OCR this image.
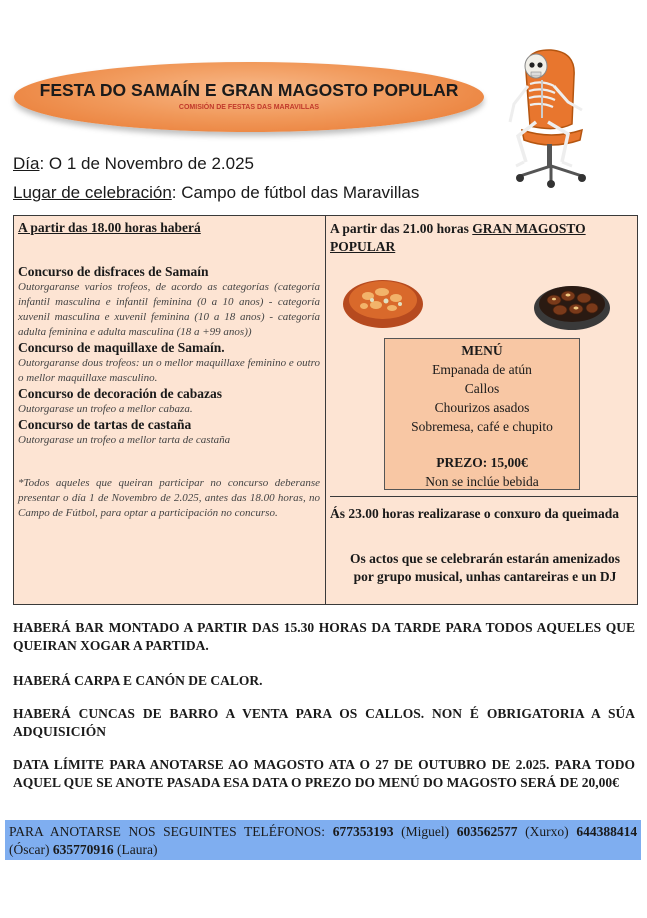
FESTA DO SAMAÍN E GRAN MAGOSTO POPULAR
COMISIÓN DE FESTAS DAS MARAVILLAS
Día: O 1 de Novembro de 2.025
Lugar de celebración: Campo de fútbol das Maravillas
A partir das 18.00 horas haberá
Concurso de disfraces de Samaín
Outorgaranse varios trofeos, de acordo as categorías (categoría infantil masculina e infantil feminina (0 a 10 anos) - categoría xuvenil masculina e xuvenil feminina (10 a 18 anos) - categoría adulta feminina e adulta masculina (18 a +99 anos))
Concurso de maquillaxe de Samaín.
Outorgaranse dous trofeos: un o mellor maquillaxe feminino e outro o mellor maquillaxe masculino.
Concurso de decoración de cabazas
Outorgarase un trofeo a mellor cabaza.
Concurso de tartas de castaña
Outorgarase un trofeo a mellor tarta de castaña
*Todos aqueles que queiran participar no concurso deberanse presentar o día 1 de Novembro de 2.025, antes das 18.00 horas, no Campo de Fútbol, para optar a participación no concurso.
A partir das 21.00 horas GRAN MAGOSTO POPULAR
MENÚ
Empanada de atún
Callos
Chourizos asados
Sobremesa, café e chupito
PREZO: 15,00€
Non se inclúe bebida
Ás 23.00 horas realizarase o conxuro da queimada
Os actos que se celebrarán estarán amenizados por grupo musical, unhas cantareiras e un DJ
HABERÁ BAR MONTADO A PARTIR DAS 15.30 HORAS DA TARDE PARA TODOS AQUELES QUE QUEIRAN XOGAR A PARTIDA.
HABERÁ CARPA E CANÓN DE CALOR.
HABERÁ CUNCAS DE BARRO A VENTA PARA OS CALLOS. NON É OBRIGATORIA A SÚA ADQUISICIÓN
DATA LÍMITE PARA ANOTARSE AO MAGOSTO ATA O 27 DE OUTUBRO DE 2.025. PARA TODO AQUEL QUE SE ANOTE PASADA ESA DATA O PREZO DO MENÚ DO MAGOSTO SERÁ DE 20,00€
PARA ANOTARSE NOS SEGUINTES TELÉFONOS: 677353193 (Miguel) 603562577 (Xurxo) 644388414 (Óscar) 635770916 (Laura)
